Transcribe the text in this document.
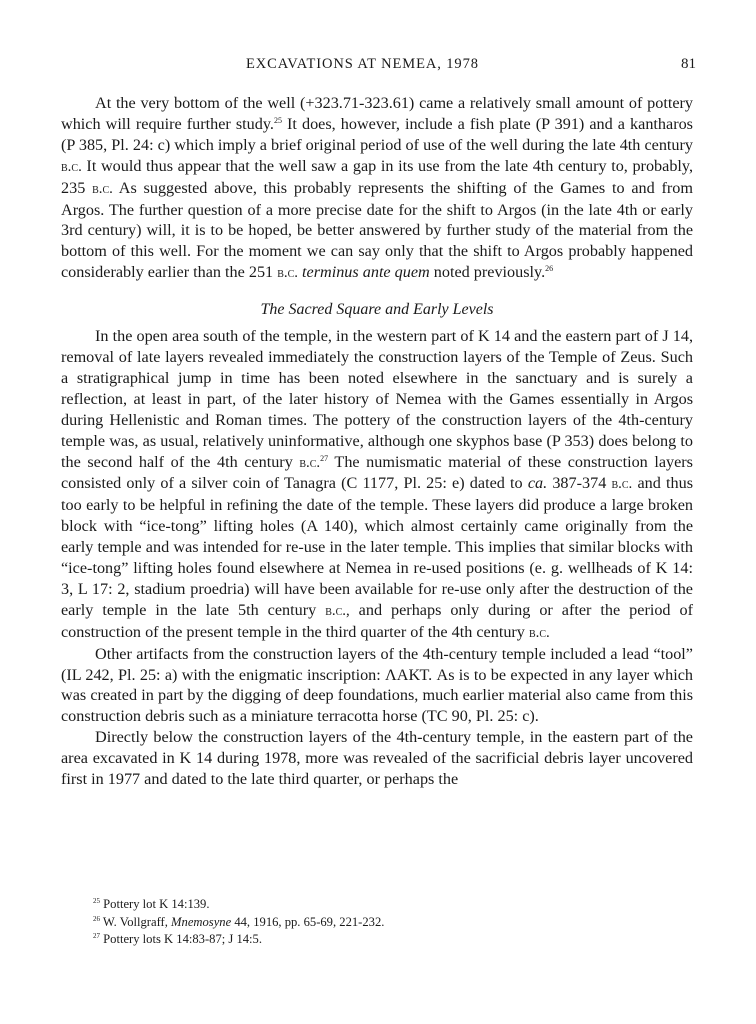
EXCAVATIONS AT NEMEA, 1978	81

At the very bottom of the well (+323.71-323.61) came a relatively small amount of pottery which will require further study.$^{25}$ It does, however, include a fish plate (P 391) and a kantharos (P 385, Pl. 24: c) which imply a brief original period of use of the well during the late 4th century b.c. It would thus appear that the well saw a gap in its use from the late 4th century to, probably, 235 b.c. As suggested above, this probably represents the shifting of the Games to and from Argos. The further question of a more precise date for the shift to Argos (in the late 4th or early 3rd century) will, it is to be hoped, be better answered by further study of the material from the bottom of this well. For the moment we can say only that the shift to Argos probably happened considerably earlier than the 251 b.c. terminus ante quem noted previously.$^{26}$

The Sacred Square and Early Levels

In the open area south of the temple, in the western part of K 14 and the eastern part of J 14, removal of late layers revealed immediately the construction layers of the Temple of Zeus. Such a stratigraphical jump in time has been noted elsewhere in the sanctuary and is surely a reflection, at least in part, of the later history of Nemea with the Games essentially in Argos during Hellenistic and Roman times. The pottery of the construction layers of the 4th-century temple was, as usual, relatively uninformative, although one skyphos base (P 353) does belong to the second half of the 4th century b.c.$^{27}$ The numismatic material of these construction layers consisted only of a silver coin of Tanagra (C 1177, Pl. 25: e) dated to ca. 387-374 b.c. and thus too early to be helpful in refining the date of the temple. These layers did produce a large broken block with “ice-tong” lifting holes (A 140), which almost certainly came originally from the early temple and was intended for re-use in the later temple. This implies that similar blocks with “ice-tong” lifting holes found elsewhere at Nemea in re-used positions (e. g. wellheads of K 14: 3, L 17: 2, stadium proedria) will have been available for re-use only after the destruction of the early temple in the late 5th century b.c., and perhaps only during or after the period of construction of the present temple in the third quarter of the 4th century b.c.

Other artifacts from the construction layers of the 4th-century temple included a lead “tool” (IL 242, Pl. 25: a) with the enigmatic inscription: ΛΑΚΤ. As is to be expected in any layer which was created in part by the digging of deep foundations, much earlier material also came from this construction debris such as a miniature terracotta horse (TC 90, Pl. 25: c).

Directly below the construction layers of the 4th-century temple, in the eastern part of the area excavated in K 14 during 1978, more was revealed of the sacrificial debris layer uncovered first in 1977 and dated to the late third quarter, or perhaps the

$^{25}$ Pottery lot K 14:139.
$^{26}$ W. Vollgraff, Mnemosyne 44, 1916, pp. 65-69, 221-232.
$^{27}$ Pottery lots K 14:83-87; J 14:5.
